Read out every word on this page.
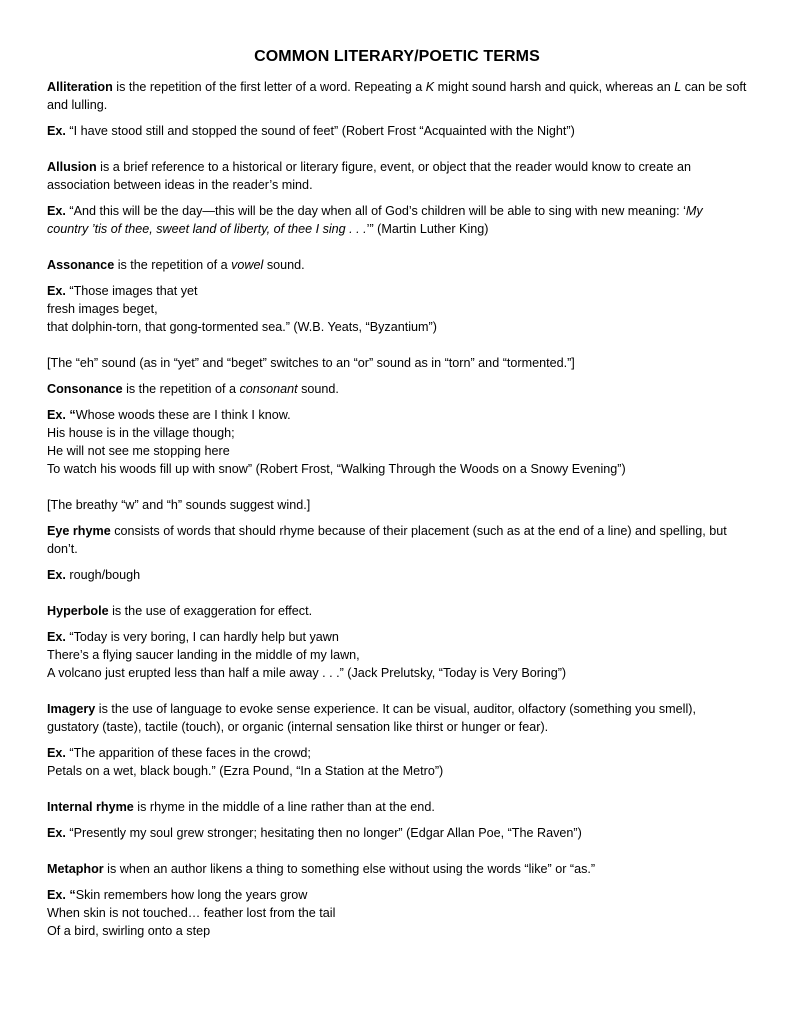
COMMON LITERARY/POETIC TERMS

Alliteration is the repetition of the first letter of a word. Repeating a K might sound harsh and quick, whereas an L can be soft and lulling.

Ex. “I have stood still and stopped the sound of feet” (Robert Frost “Acquainted with the Night”)

Allusion is a brief reference to a historical or literary figure, event, or object that the reader would know to create an association between ideas in the reader’s mind.

Ex. “And this will be the day—this will be the day when all of God’s children will be able to sing with new meaning: ‘My country ’tis of thee, sweet land of liberty, of thee I sing . . .’” (Martin Luther King)

Assonance is the repetition of a vowel sound.

Ex. “Those images that yet
fresh images beget,
that dolphin-torn, that gong-tormented sea.” (W.B. Yeats, “Byzantium”)

[The “eh” sound (as in “yet” and “beget” switches to an “or” sound as in “torn” and “tormented.”]

Consonance is the repetition of a consonant sound.

Ex. “Whose woods these are I think I know.
His house is in the village though;
He will not see me stopping here
To watch his woods fill up with snow” (Robert Frost, “Walking Through the Woods on a Snowy Evening”)

[The breathy “w” and “h” sounds suggest wind.]

Eye rhyme consists of words that should rhyme because of their placement (such as at the end of a line) and spelling, but don’t.

Ex. rough/bough

Hyperbole is the use of exaggeration for effect.

Ex. “Today is very boring, I can hardly help but yawn
There’s a flying saucer landing in the middle of my lawn,
A volcano just erupted less than half a mile away . . .” (Jack Prelutsky, “Today is Very Boring”)

Imagery is the use of language to evoke sense experience. It can be visual, auditor, olfactory (something you smell), gustatory (taste), tactile (touch), or organic (internal sensation like thirst or hunger or fear).

Ex. “The apparition of these faces in the crowd;
Petals on a wet, black bough.” (Ezra Pound, “In a Station at the Metro”)

Internal rhyme is rhyme in the middle of a line rather than at the end.

Ex. “Presently my soul grew stronger; hesitating then no longer” (Edgar Allan Poe, “The Raven”)

Metaphor is when an author likens a thing to something else without using the words “like” or “as.”

Ex. “Skin remembers how long the years grow
When skin is not touched… feather lost from the tail
Of a bird, swirling onto a step
